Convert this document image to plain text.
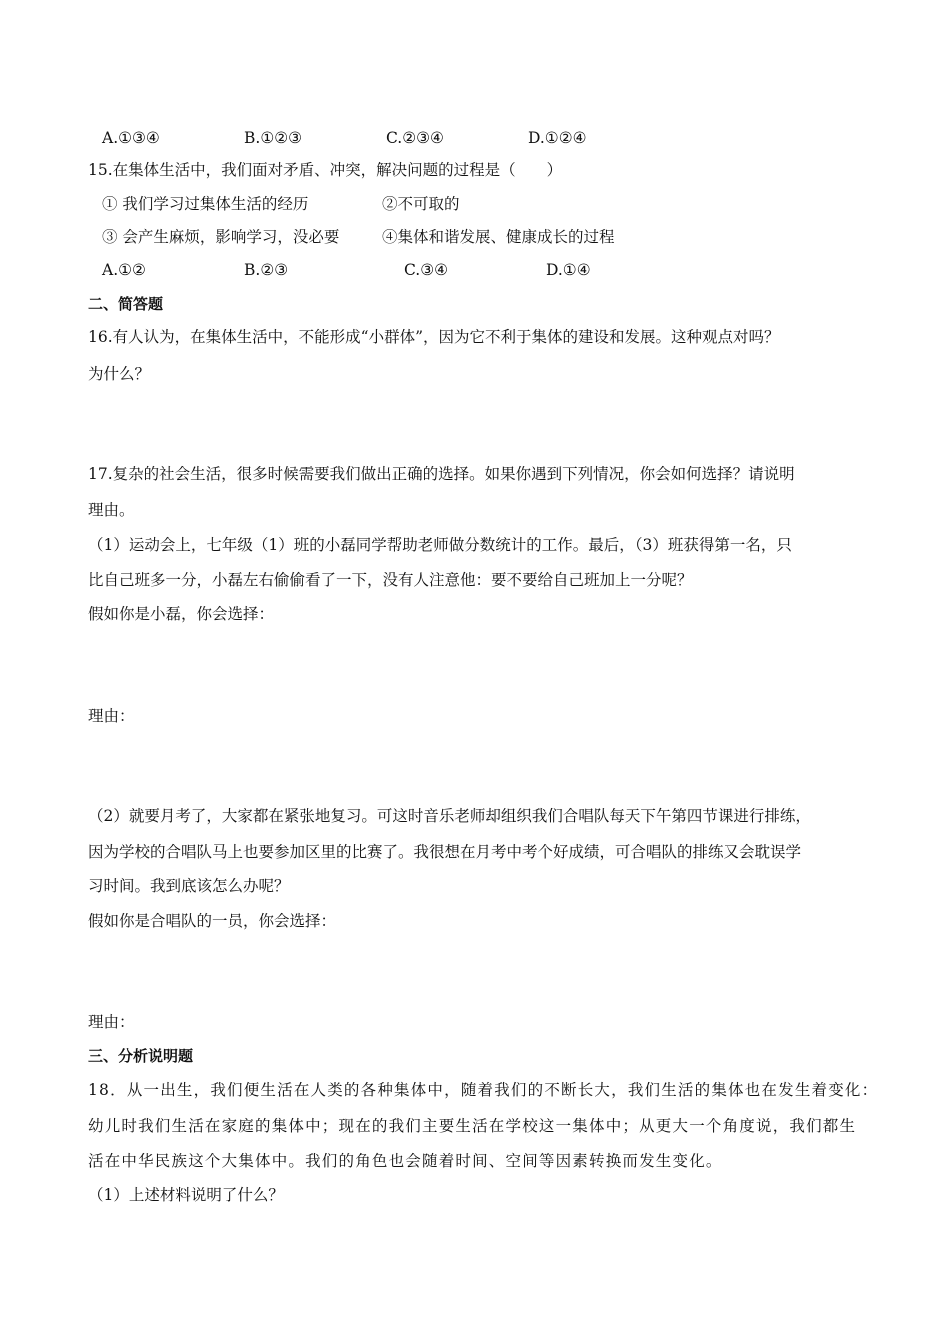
A.①③④	B.①②③	C.②③④	D.①②④
15.在集体生活中，我们面对矛盾、冲突，解决问题的过程是（　　）
① 我们学习过集体生活的经历	②不可取的
③ 会产生麻烦，影响学习，没必要	④集体和谐发展、健康成长的过程
A.①②	B.②③	C.③④	D.①④
二、简答题
16.有人认为，在集体生活中，不能形成“小群体”，因为它不利于集体的建设和发展。这种观点对吗？
为什么？
17.复杂的社会生活，很多时候需要我们做出正确的选择。如果你遇到下列情况，你会如何选择？请说明
理由。
（1）运动会上，七年级（1）班的小磊同学帮助老师做分数统计的工作。最后，（3）班获得第一名，只
比自己班多一分，小磊左右偷偷看了一下，没有人注意他：要不要给自己班加上一分呢？
假如你是小磊，你会选择：
理由：
（2）就要月考了，大家都在紧张地复习。可这时音乐老师却组织我们合唱队每天下午第四节课进行排练，
因为学校的合唱队马上也要参加区里的比赛了。我很想在月考中考个好成绩，可合唱队的排练又会耽误学
习时间。我到底该怎么办呢？
假如你是合唱队的一员，你会选择：
理由：
三、分析说明题
18．从一出生，我们便生活在人类的各种集体中，随着我们的不断长大，我们生活的集体也在发生着变化：
幼儿时我们生活在家庭的集体中；现在的我们主要生活在学校这一集体中；从更大一个角度说，我们都生
活在中华民族这个大集体中。我们的角色也会随着时间、空间等因素转换而发生变化。
（1）上述材料说明了什么？
